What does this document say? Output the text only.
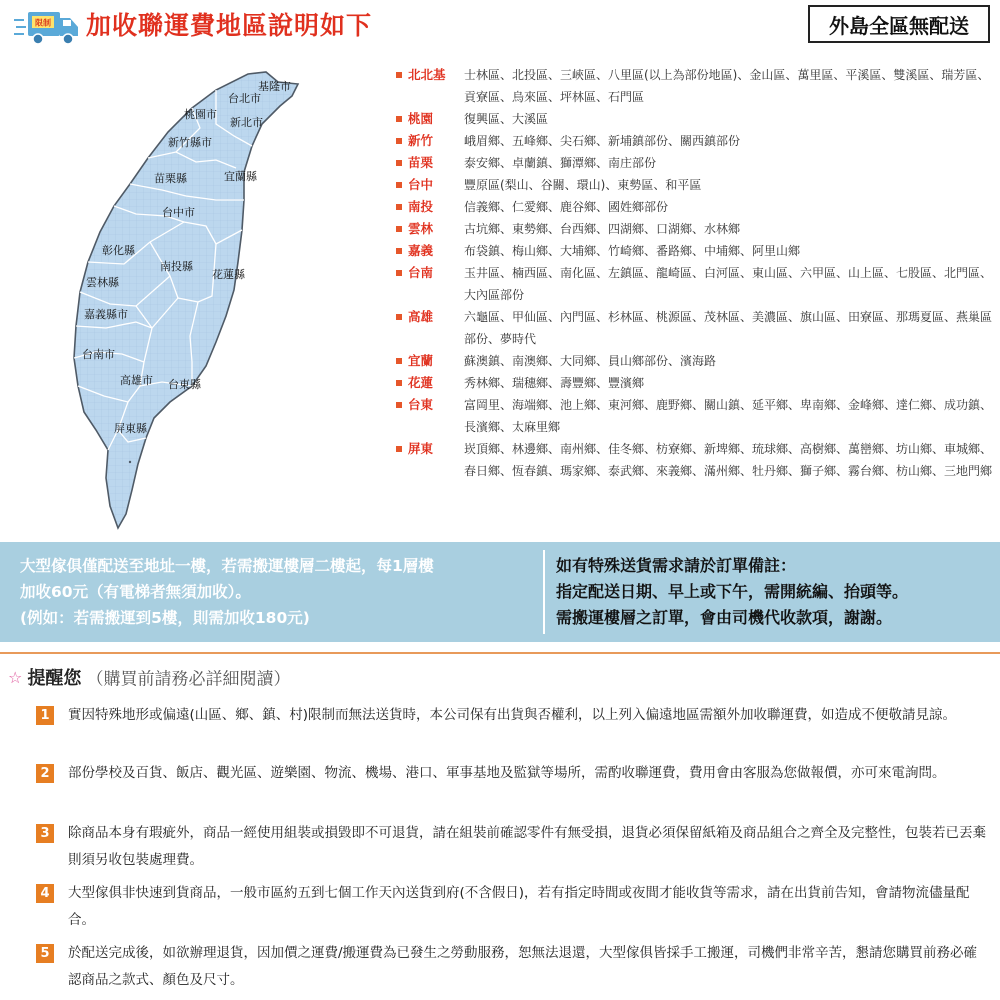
限制 加收聯運費地區說明如下	外島全區無配送
基隆市
台北市
桃園市
新北市
新竹縣市
苗栗縣	宜蘭縣
台中市
彰化縣
南投縣
花蓮縣
雲林縣
嘉義縣市
台南市
高雄市 台東縣
屏東縣
北北基 士林區、北投區、三峽區、八里區(以上為部份地區)、金山區、萬里區、平溪區、雙溪區、瑞芳區、貢寮區、烏來區、坪林區、石門區
桃園	復興區、大溪區
新竹	峨眉鄉、五峰鄉、尖石鄉、新埔鎮部份、關西鎮部份
苗栗	泰安鄉、卓蘭鎮、獅潭鄉、南庄部份
台中	豐原區(梨山、谷關、環山)、東勢區、和平區
南投	信義鄉、仁愛鄉、鹿谷鄉、國姓鄉部份
雲林	古坑鄉、東勢鄉、台西鄉、四湖鄉、口湖鄉、水林鄉
嘉義	布袋鎮、梅山鄉、大埔鄉、竹崎鄉、番路鄉、中埔鄉、阿里山鄉
台南	玉井區、楠西區、南化區、左鎮區、龍崎區、白河區、東山區、六甲區、山上區、七股區、北門區、大內區部份
高雄	六龜區、甲仙區、內門區、杉林區、桃源區、茂林區、美濃區、旗山區、田寮區、那瑪夏區、燕巢區部份、夢時代
宜蘭	蘇澳鎮、南澳鄉、大同鄉、員山鄉部份、濱海路
花蓮	秀林鄉、瑞穗鄉、壽豐鄉、豐濱鄉
台東	富岡里、海端鄉、池上鄉、東河鄉、鹿野鄉、關山鎮、延平鄉、卑南鄉、金峰鄉、達仁鄉、成功鎮、長濱鄉、太麻里鄉
屏東	崁頂鄉、林邊鄉、南州鄉、佳冬鄉、枋寮鄉、新埤鄉、琉球鄉、高樹鄉、萬巒鄉、坊山鄉、車城鄉、春日鄉、恆春鎮、瑪家鄉、泰武鄉、來義鄉、滿州鄉、牡丹鄉、獅子鄉、霧台鄉、枋山鄉、三地門鄉
大型傢俱僅配送至地址一樓，若需搬運樓層二樓起，每1層樓
加收60元（有電梯者無須加收）。
(例如：若需搬運到5樓，則需加收180元)
如有特殊送貨需求請於訂單備註：
指定配送日期、早上或下午，需開統編、抬頭等。
需搬運樓層之訂單，會由司機代收款項，謝謝。
☆ 提醒您 （購買前請務必詳細閱讀）
1	實因特殊地形或偏遠(山區、鄉、鎮、村)限制而無法送貨時，本公司保有出貨與否權利，以上列入偏遠地區需額外加收聯運費，如造成不便敬請見諒。
2	部份學校及百貨、飯店、觀光區、遊樂園、物流、機場、港口、軍事基地及監獄等場所，需酌收聯運費，費用會由客服為您做報價，亦可來電詢問。
3	除商品本身有瑕疵外，商品一經使用組裝或損毀即不可退貨，請在組裝前確認零件有無受損，退貨必須保留紙箱及商品組合之齊全及完整性，包裝若已丟棄則須另收包裝處理費。
4	大型傢俱非快速到貨商品，一般市區約五到七個工作天內送貨到府(不含假日)，若有指定時間或夜間才能收貨等需求，請在出貨前告知，會請物流儘量配合。
5	於配送完成後，如欲辦理退貨，因加價之運費/搬運費為已發生之勞動服務，恕無法退還，大型傢俱皆採手工搬運，司機們非常辛苦，懇請您購買前務必確認商品之款式、顏色及尺寸。
